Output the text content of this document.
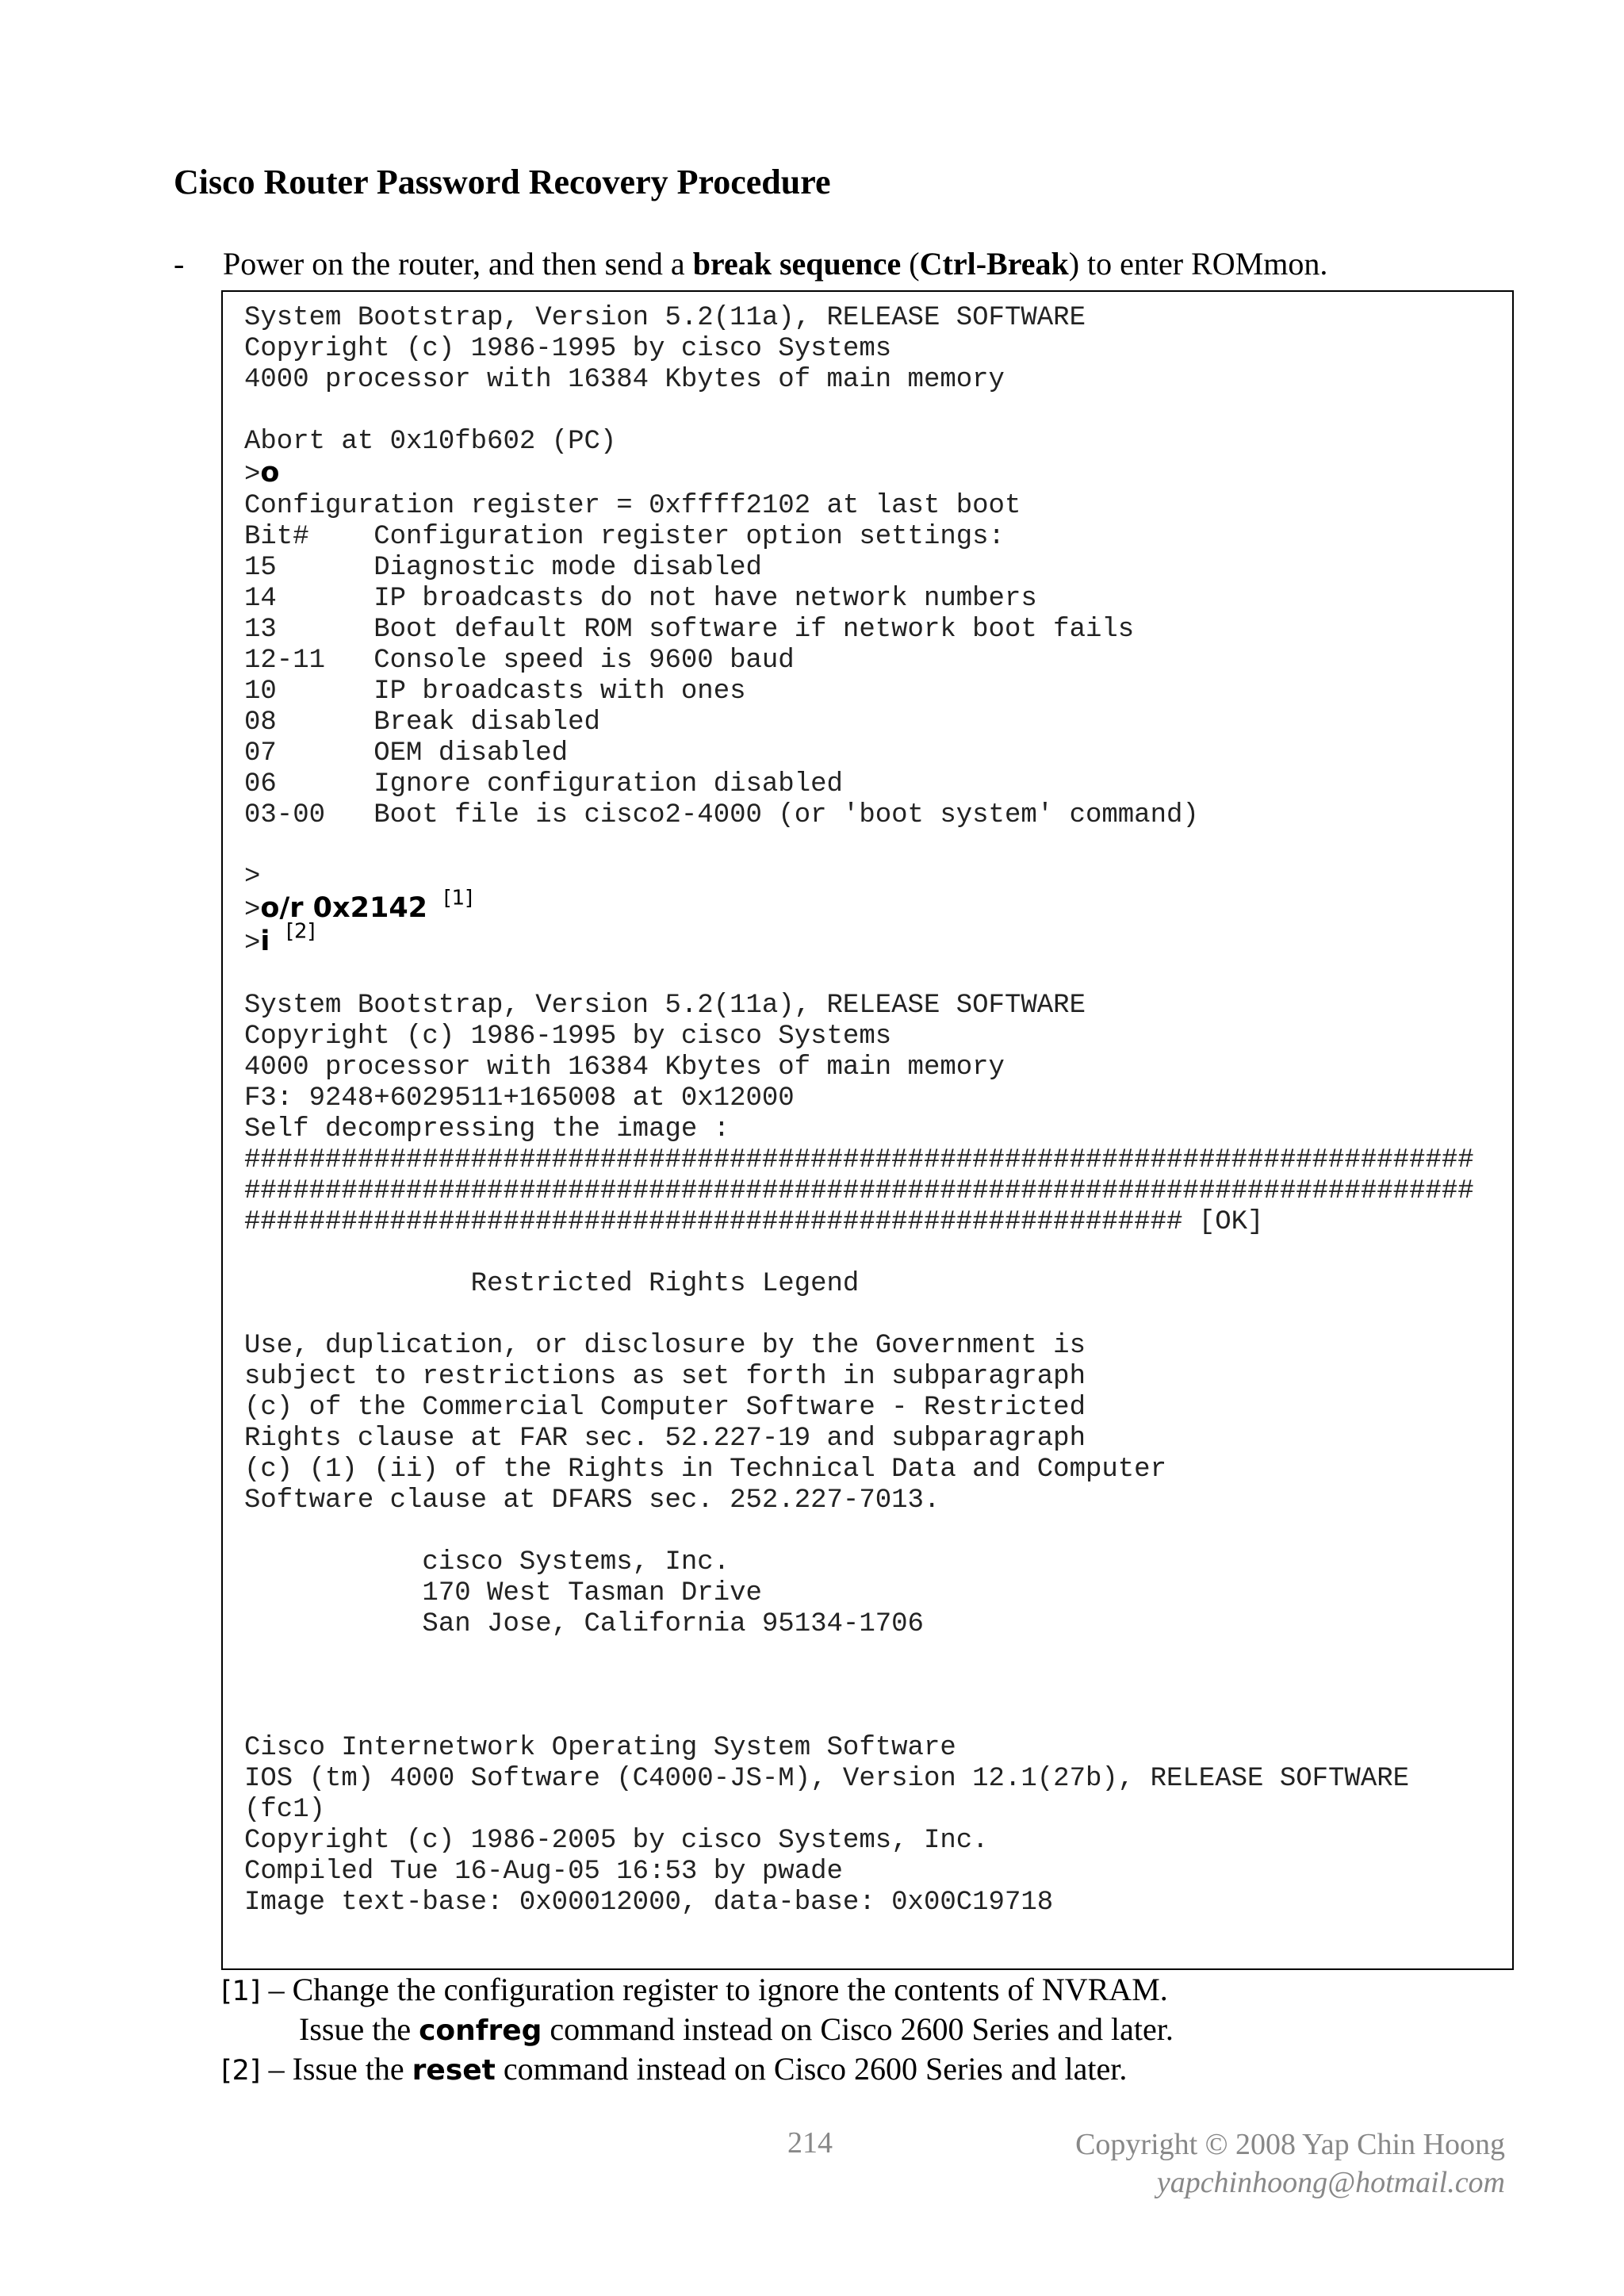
Cisco Router Password Recovery Procedure
- Power on the router, and then send a break sequence (Ctrl-Break) to enter ROMmon.
System Bootstrap, Version 5.2(11a), RELEASE SOFTWARE
Copyright (c) 1986-1995 by cisco Systems
4000 processor with 16384 Kbytes of main memory

Abort at 0x10fb602 (PC)
>o
Configuration register = 0xffff2102 at last boot
Bit#    Configuration register option settings:
15      Diagnostic mode disabled
14      IP broadcasts do not have network numbers
13      Boot default ROM software if network boot fails
12-11   Console speed is 9600 baud
10      IP broadcasts with ones
08      Break disabled
07      OEM disabled
06      Ignore configuration disabled
03-00   Boot file is cisco2-4000 (or 'boot system' command)

>
>o/r 0x2142 [1]
>i [2]

System Bootstrap, Version 5.2(11a), RELEASE SOFTWARE
Copyright (c) 1986-1995 by cisco Systems
4000 processor with 16384 Kbytes of main memory
F3: 9248+6029511+165008 at 0x12000
Self decompressing the image :
############################################################################
############################################################################
########################################################## [OK]

Restricted Rights Legend

Use, duplication, or disclosure by the Government is
subject to restrictions as set forth in subparagraph
(c) of the Commercial Computer Software - Restricted
Rights clause at FAR sec. 52.227-19 and subparagraph
(c) (1) (ii) of the Rights in Technical Data and Computer
Software clause at DFARS sec. 252.227-7013.

cisco Systems, Inc.
170 West Tasman Drive
San Jose, California 95134-1706

Cisco Internetwork Operating System Software
IOS (tm) 4000 Software (C4000-JS-M), Version 12.1(27b), RELEASE SOFTWARE
(fc1)
Copyright (c) 1986-2005 by cisco Systems, Inc.
Compiled Tue 16-Aug-05 16:53 by pwade
Image text-base: 0x00012000, data-base: 0x00C19718
[1] – Change the configuration register to ignore the contents of NVRAM.
Issue the confreg command instead on Cisco 2600 Series and later.
[2] – Issue the reset command instead on Cisco 2600 Series and later.
214	Copyright © 2008 Yap Chin Hoong
yapchinhoong@hotmail.com
